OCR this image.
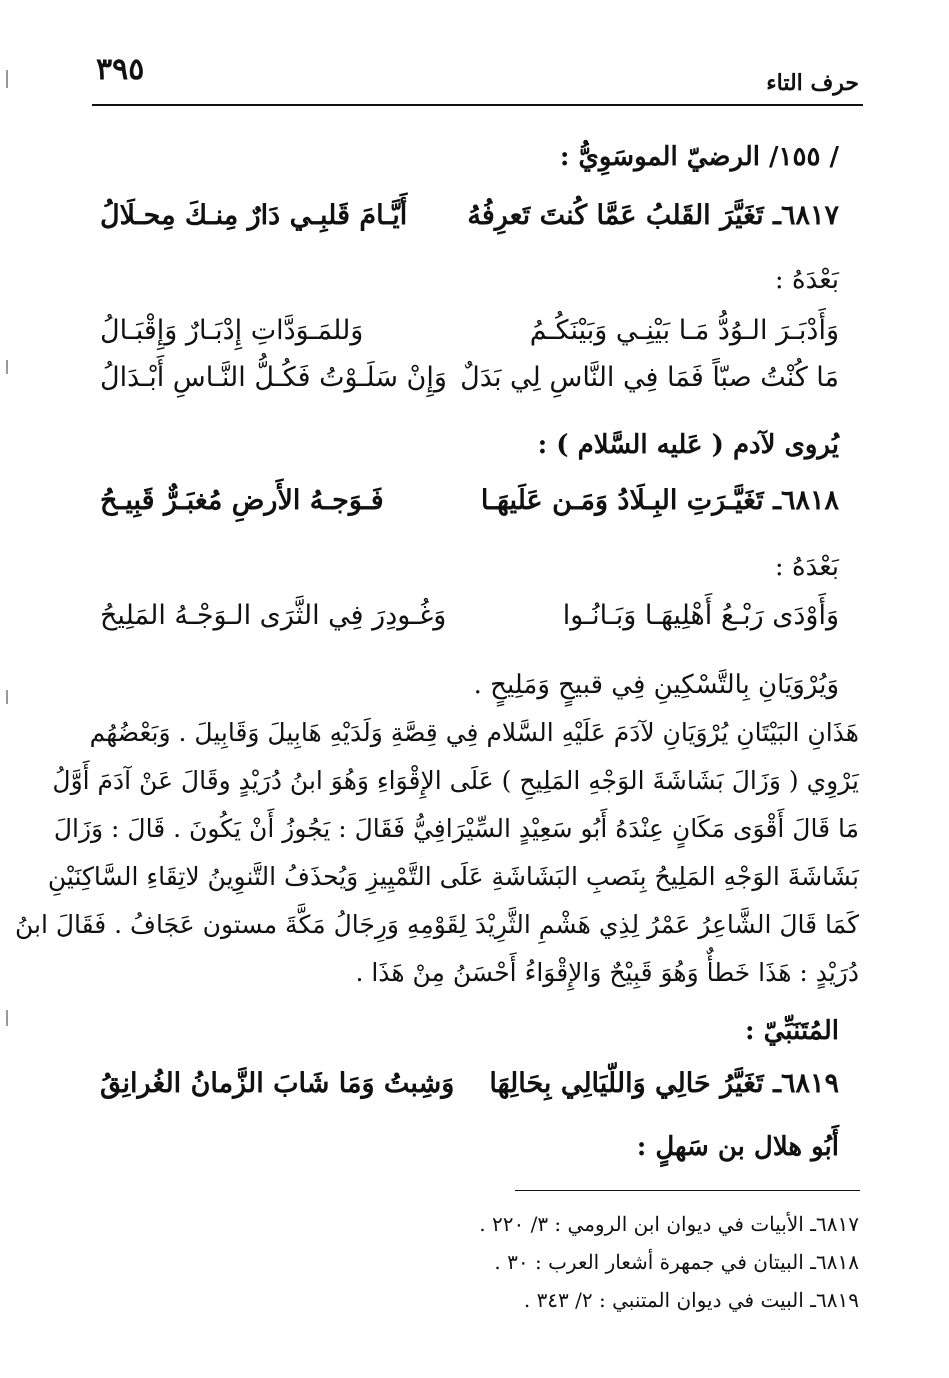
٣٩٥	حرف التاء
/ ١٥٥/ الرضيّ الموسَوِيُّ :
٦٨١٧ـ تَغَيَّرَ القَلبُ عَمَّا كُنتَ تَعرِفُهُ
أَيَّـامَ قَلبِـي دَارٌ مِنـكَ مِحـلَالُ
بَعْدَهُ :
وَأَدْبَـرَ الـوُدُّ مَـا بَيْنِـي وَبَيْنَكُـمُ
وَللمَـوَدَّاتِ إِدْبَـارٌ وَإِقْبَـالُ
مَا كُنْتُ صبّاً فَمَا فِي النَّاسِ لِي بَدَلٌ
وَإِنْ سَلَـوْتُ فَكُـلُّ النَّـاسِ أَبْـدَالُ
يُروى لآدم ( عَليه السَّلام ) :
٦٨١٨ـ تَغَيَّـرَتِ البِـلَادُ وَمَـن عَلَيهَـا
فَـوَجـهُ الأَرضِ مُغبَـرٌّ قَبِيـحُ
بَعْدَهُ :
وَأَوْدَى رَبْـعُ أَهْلِيهَـا وَبَـانُـوا
وَغُـودِرَ فِي الثَّرَى الـوَجْـهُ المَلِيحُ
وَيُرْوَيَانِ بِالتَّسْكِينِ فِي قبيحٍ وَمَلِيحٍ .
هَذَانِ البَيْتَانِ يُرْوَيَانِ لآدَمَ عَلَيْهِ السَّلام فِي قِصَّةِ وَلَدَيْهِ هَابِيلَ وَقَابِيلَ . وَبَعْضُهُم
يَرْوِي ( وَزَالَ بَشَاشَةَ الوَجْهِ المَلِيحِ ) عَلَى الإِقْوَاءِ وَهُوَ ابنُ دُرَيْدٍ وقَالَ عَنْ آدَمَ أَوَّلُ
مَا قَالَ أَقْوَى مَكَانٍ عِنْدَهُ أَبُو سَعِيْدٍ السِّيْرَافِيُّ فَقَالَ : يَجُوزُ أَنْ يَكُونَ . قَالَ : وَزَالَ
بَشَاشَةَ الوَجْهِ المَلِيحُ بِنَصبِ البَشَاشَةِ عَلَى التَّمْيِيزِ وَيُحذَفُ التَّنوِينُ لاتِقَاءِ السَّاكِنَيْنِ
كَمَا قَالَ الشَّاعِرُ عَمْرُ لِذِي هَشْمِ الثَّرِيْدَ لِقَوْمِهِ وَرِجَالُ مَكَّةَ مستون عَجَافُ . فَقَالَ ابنُ
دُرَيْدٍ : هَذَا خَطأٌ وَهُوَ قَبِيْحٌ وَالإِقْوَاءُ أَحْسَنُ مِنْ هَذَا .
المُتَنَبِّيّ :
٦٨١٩ـ تَغَيَّرُ حَالِي وَاللّيَالِي بِحَالِهَا
وَشِبتُ وَمَا شَابَ الزَّمانُ الغُرانِقُ
أَبُو هلال بن سَهلٍ :
٦٨١٧ـ الأبيات في ديوان ابن الرومي : ٣/ ٢٢٠ .
٦٨١٨ـ البيتان في جمهرة أشعار العرب : ٣٠ .
٦٨١٩ـ البيت في ديوان المتنبي : ٢/ ٣٤٣ .
